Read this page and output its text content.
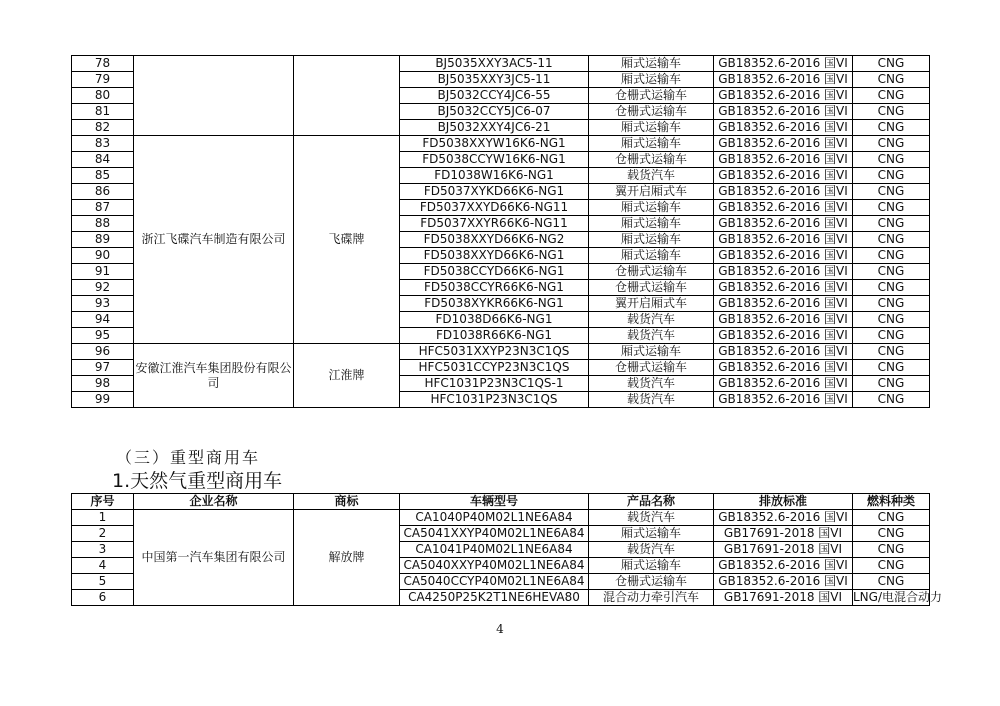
78			BJ5035XXY3AC5-11	厢式运输车	GB18352.6-2016 国VI	CNG
79			BJ5035XXY3JC5-11	厢式运输车	GB18352.6-2016 国VI	CNG
80			BJ5032CCY4JC6-55	仓栅式运输车	GB18352.6-2016 国VI	CNG
81			BJ5032CCY5JC6-07	仓栅式运输车	GB18352.6-2016 国VI	CNG
82			BJ5032XXY4JC6-21	厢式运输车	GB18352.6-2016 国VI	CNG
83	浙江飞碟汽车制造有限公司	飞碟牌	FD5038XXYW16K6-NG1	厢式运输车	GB18352.6-2016 国VI	CNG
84			FD5038CCYW16K6-NG1	仓栅式运输车	GB18352.6-2016 国VI	CNG
85			FD1038W16K6-NG1	载货汽车	GB18352.6-2016 国VI	CNG
86			FD5037XYKD66K6-NG1	翼开启厢式车	GB18352.6-2016 国VI	CNG
87			FD5037XXYD66K6-NG11	厢式运输车	GB18352.6-2016 国VI	CNG
88			FD5037XXYR66K6-NG11	厢式运输车	GB18352.6-2016 国VI	CNG
89			FD5038XXYD66K6-NG2	厢式运输车	GB18352.6-2016 国VI	CNG
90			FD5038XXYD66K6-NG1	厢式运输车	GB18352.6-2016 国VI	CNG
91			FD5038CCYD66K6-NG1	仓栅式运输车	GB18352.6-2016 国VI	CNG
92			FD5038CCYR66K6-NG1	仓栅式运输车	GB18352.6-2016 国VI	CNG
93			FD5038XYKR66K6-NG1	翼开启厢式车	GB18352.6-2016 国VI	CNG
94			FD1038D66K6-NG1	载货汽车	GB18352.6-2016 国VI	CNG
95			FD1038R66K6-NG1	载货汽车	GB18352.6-2016 国VI	CNG
96	安徽江淮汽车集团股份有限公司	江淮牌	HFC5031XXYP23N3C1QS	厢式运输车	GB18352.6-2016 国VI	CNG
97			HFC5031CCYP23N3C1QS	仓栅式运输车	GB18352.6-2016 国VI	CNG
98			HFC1031P23N3C1QS-1	载货汽车	GB18352.6-2016 国VI	CNG
99			HFC1031P23N3C1QS	载货汽车	GB18352.6-2016 国VI	CNG
（三）重型商用车
1.天然气重型商用车
序号	企业名称	商标	车辆型号	产品名称	排放标准	燃料种类
1	中国第一汽车集团有限公司	解放牌	CA1040P40M02L1NE6A84	载货汽车	GB18352.6-2016 国VI	CNG
2			CA5041XXYP40M02L1NE6A84	厢式运输车	GB17691-2018 国VI	CNG
3			CA1041P40M02L1NE6A84	载货汽车	GB17691-2018 国VI	CNG
4			CA5040XXYP40M02L1NE6A84	厢式运输车	GB18352.6-2016 国VI	CNG
5			CA5040CCYP40M02L1NE6A84	仓栅式运输车	GB18352.6-2016 国VI	CNG
6			CA4250P25K2T1NE6HEVA80	混合动力牵引汽车	GB17691-2018 国VI	LNG/电混合动力
4
